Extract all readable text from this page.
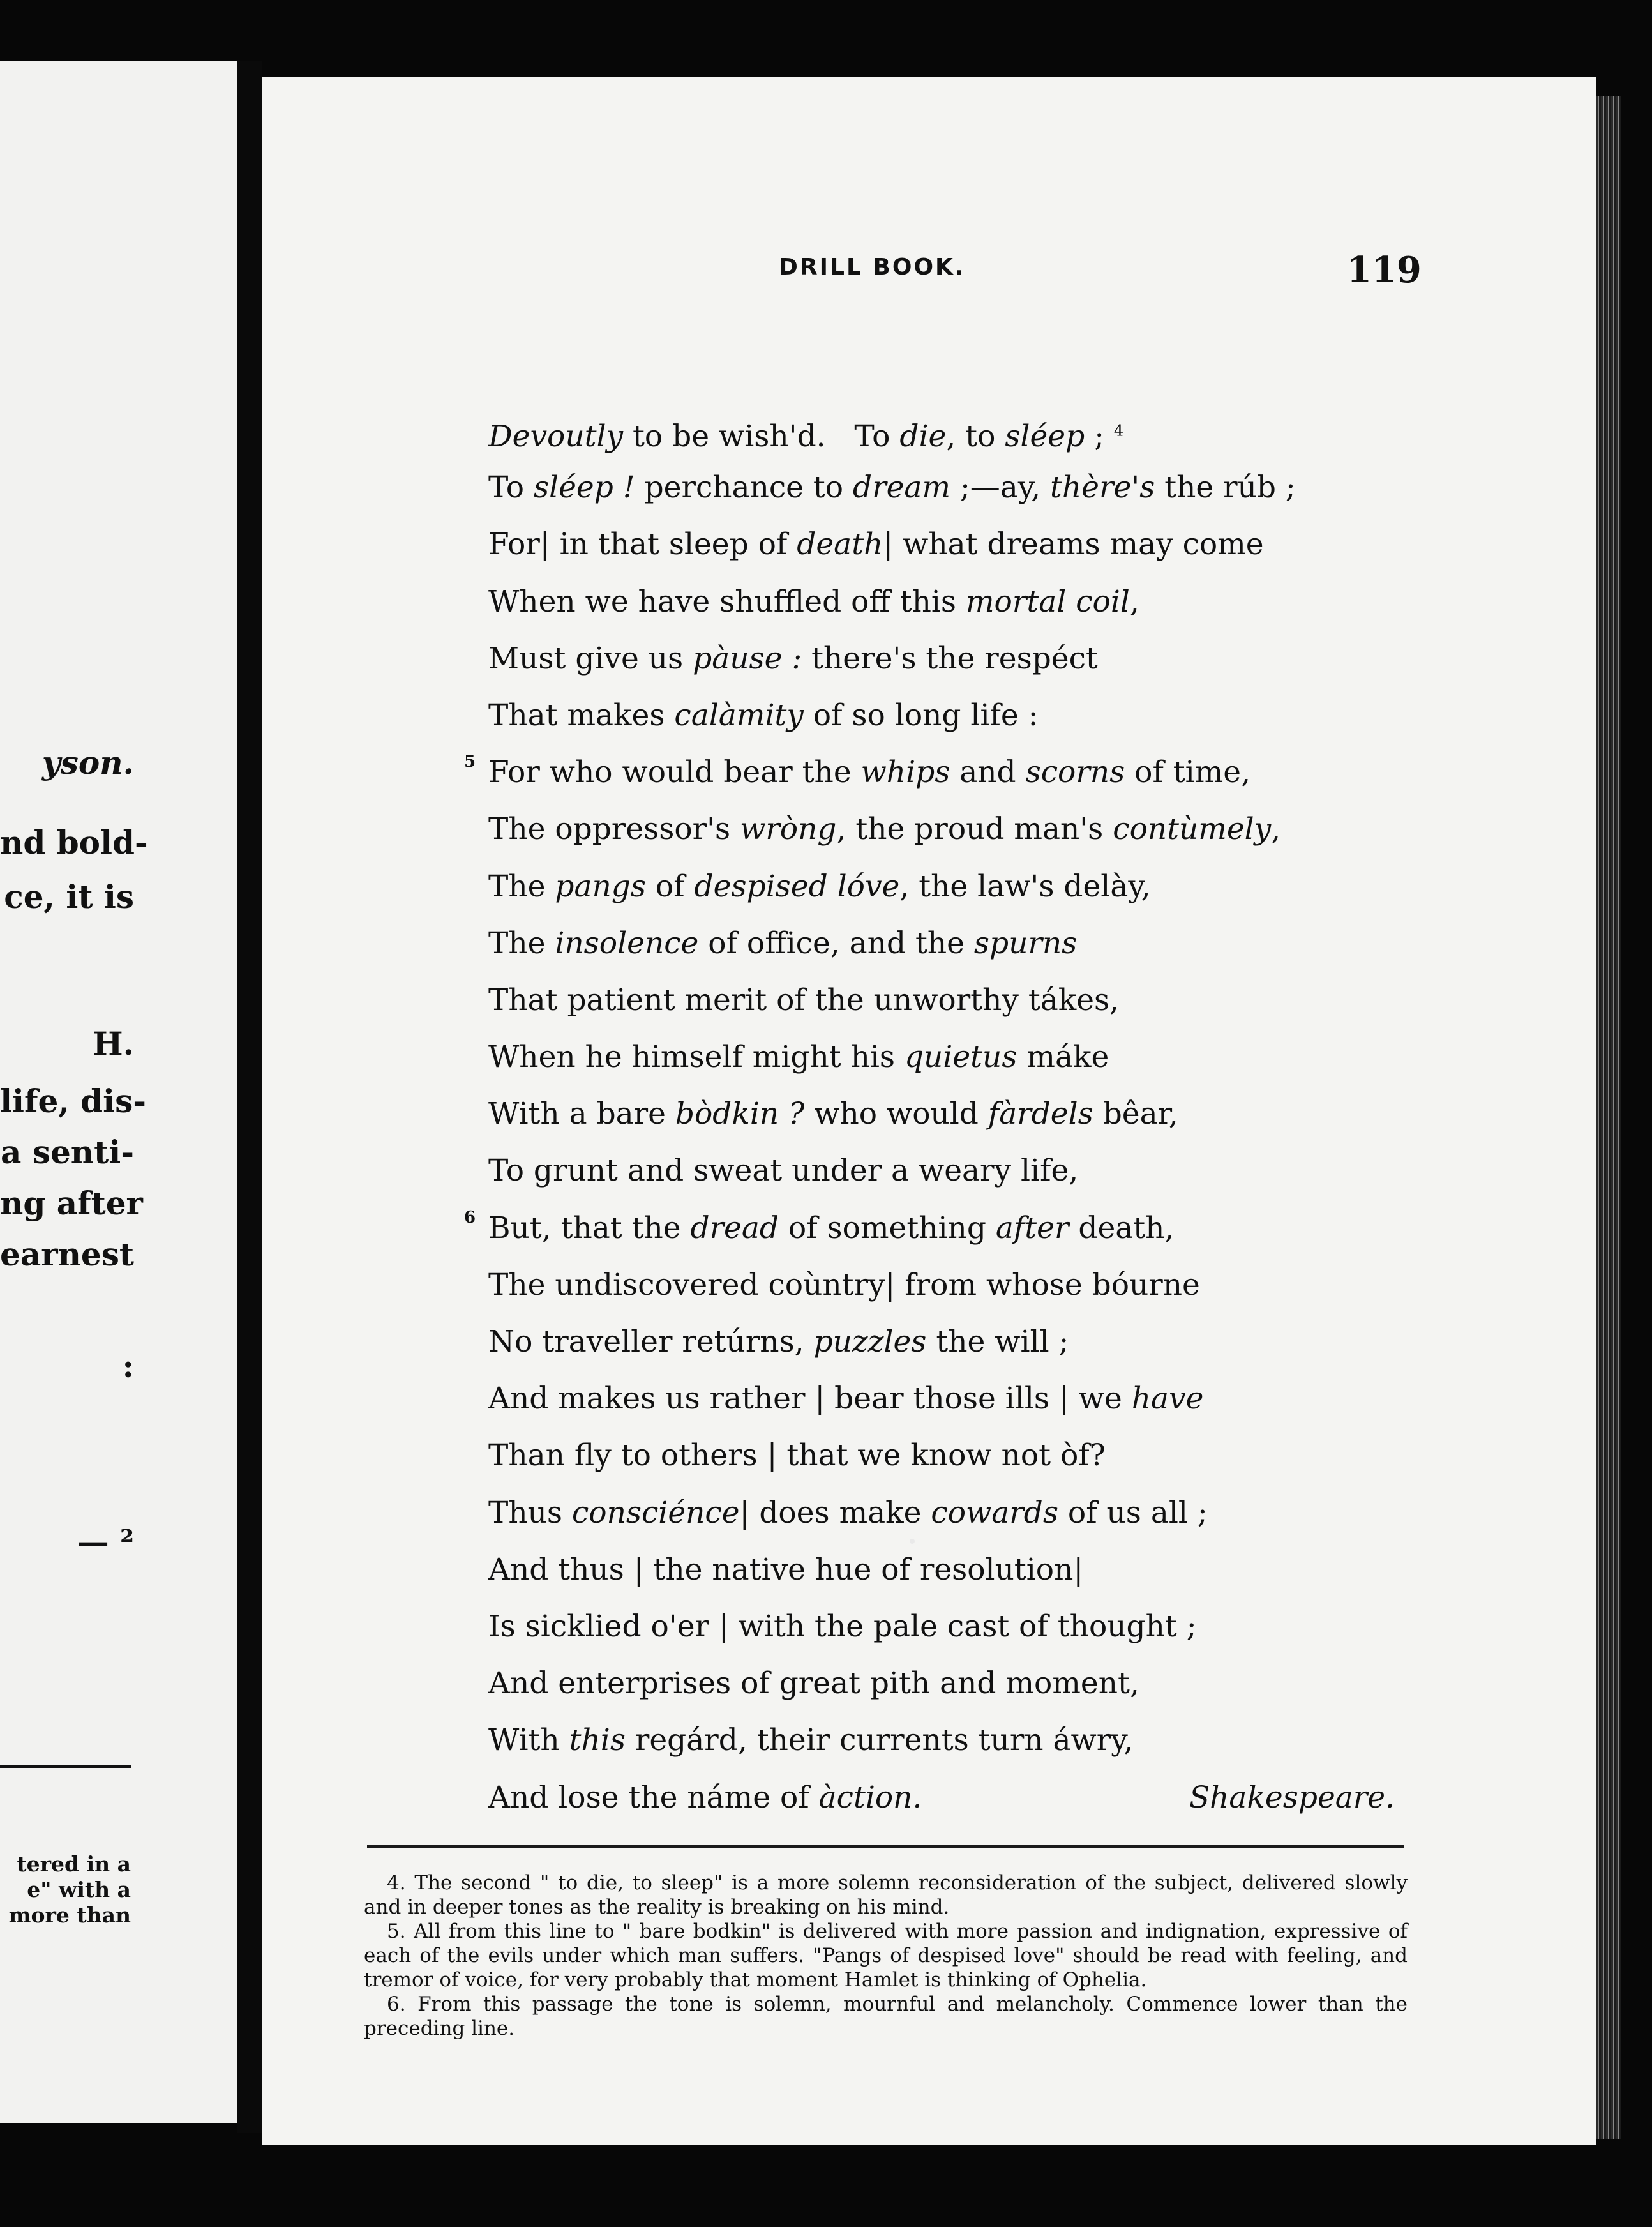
yson.
nd bold-
ce, it is
H.
life, dis-
a senti-
ng after
earnest
:
— ²
tered in a
e" with a
more than
DRILL BOOK.	119
Devoutly to be wish'd.   To die, to sléep ; $^4$
To sléep ! perchance to dream ;—ay, thère's the rúb ;
For| in that sleep of death| what dreams may come
When we have shuffled off this mortal coil,
Must give us pàuse : there's the respéct
That makes calàmity of so long life :
5 For who would bear the whips and scorns of time,
The oppressor's wròng, the proud man's contùmely,
The pangs of despised lóve, the law's delày,
The insolence of office, and the spurns
That patient merit of the unworthy tákes,
When he himself might his quietus máke
With a bare bòdkin ? who would fàrdels bêar,
To grunt and sweat under a weary life,
6 But, that the dread of something after death,
The undiscovered coùntry| from whose bóurne
No traveller retúrns, puzzles the will ;
And makes us rather | bear those ills | we have
Than fly to others | that we know not òf?
Thus consciénce| does make cowards of us all ;
And thus | the native hue of resolution|
Is sicklied o'er | with the pale cast of thought ;
And enterprises of great pith and moment,
With this regárd, their currents turn áwry,
And lose the náme of àction.	Shakespeare.

4. The second " to die, to sleep" is a more solemn reconsideration of the subject, delivered slowly and in deeper tones as the reality is breaking on his mind.

5. All from this line to " bare bodkin" is delivered with more passion and indignation, expressive of each of the evils under which man suffers. "Pangs of despised love" should be read with feeling, and tremor of voice, for very probably that moment Hamlet is thinking of Ophelia.

6. From this passage the tone is solemn, mournful and melancholy. Commence lower than the preceding line.
